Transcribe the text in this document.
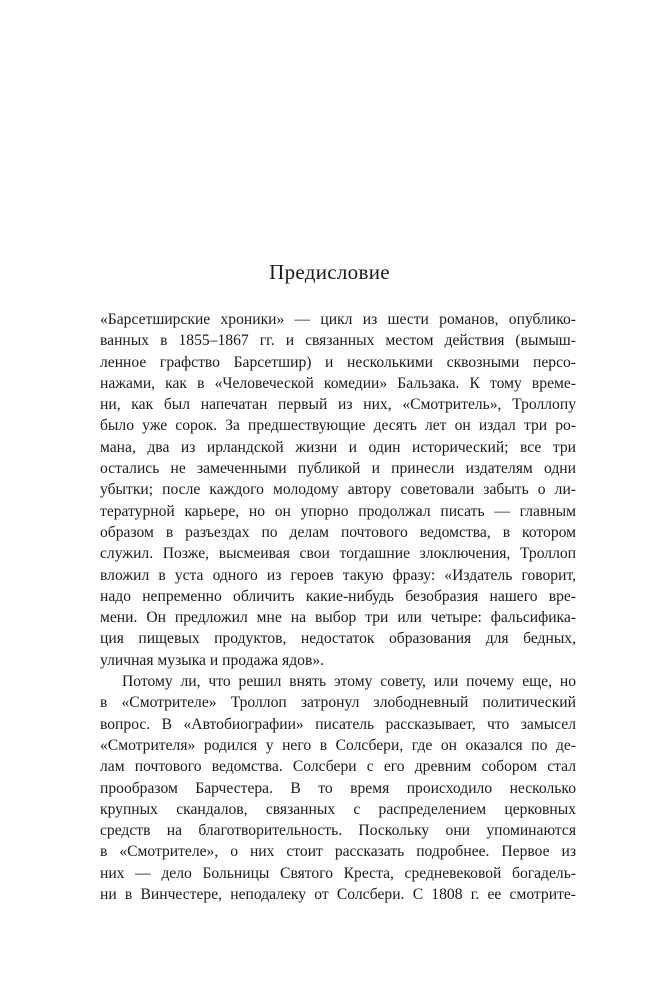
Предисловие
«Барсетширские хроники» — цикл из шести романов, опублико-
ванных в 1855–1867 гг. и связанных местом действия (вымыш-
ленное графство Барсетшир) и несколькими сквозными персо-
нажами, как в «Человеческой комедии» Бальзака. К тому време-
ни, как был напечатан первый из них, «Смотритель», Троллопу
было уже сорок. За предшествующие десять лет он издал три ро-
мана, два из ирландской жизни и один исторический; все три
остались не замеченными публикой и принесли издателям одни
убытки; после каждого молодому автору советовали забыть о ли-
тературной карьере, но он упорно продолжал писать — главным
образом в разъездах по делам почтового ведомства, в котором
служил. Позже, высмеивая свои тогдашние злоключения, Троллоп
вложил в уста одного из героев такую фразу: «Издатель говорит,
надо непременно обличить какие-нибудь безобразия нашего вре-
мени. Он предложил мне на выбор три или четыре: фальсифика-
ция пищевых продуктов, недостаток образования для бедных,
уличная музыка и продажа ядов».
Потому ли, что решил внять этому совету, или почему еще, но
в «Смотрителе» Троллоп затронул злободневный политический
вопрос. В «Автобиографии» писатель рассказывает, что замысел
«Смотрителя» родился у него в Солсбери, где он оказался по де-
лам почтового ведомства. Солсбери с его древним собором стал
прообразом Барчестера. В то время происходило несколько
крупных скандалов, связанных с распределением церковных
средств на благотворительность. Поскольку они упоминаются
в «Смотрителе», о них стоит рассказать подробнее. Первое из
них — дело Больницы Святого Креста, средневековой богадель-
ни в Винчестере, неподалеку от Солсбери. С 1808 г. ее смотрите-
